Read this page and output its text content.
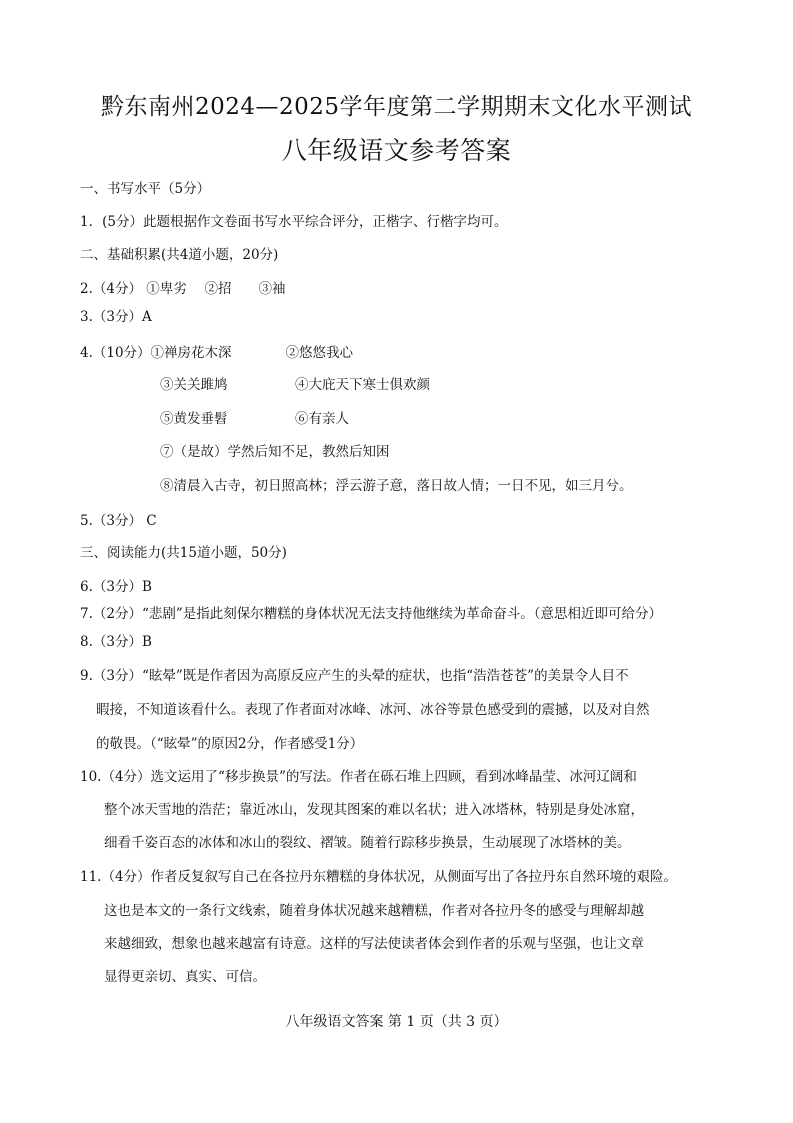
黔东南州2024—2025学年度第二学期期末文化水平测试
八年级语文参考答案
一、书写水平（5分）
1．(5分）此题根据作文卷面书写水平综合评分，正楷字、行楷字均可。
二、基础积累(共4道小题，20分)
2.（4分） ①卑劣　 ②招　　③袖
3.（3分）A
4.（10分）①禅房花木深　　　　②悠悠我心
③关关雎鸠　　　　　④大庇天下寒士俱欢颜
⑤黄发垂髫　　　　　⑥有亲人
⑦（是故）学然后知不足，教然后知困
⑧清晨入古寺，初日照高林；浮云游子意，落日故人情；一日不见，如三月兮。
5.（3分） C
三、阅读能力(共15道小题，50分)
6.（3分）B
7.（2分）“悲剧”是指此刻保尔糟糕的身体状况无法支持他继续为革命奋斗。（意思相近即可给分）
8.（3分）B
9.（3分）“眩晕”既是作者因为高原反应产生的头晕的症状，也指“浩浩苍苍”的美景令人目不
暇接，不知道该看什么。表现了作者面对冰峰、冰河、冰谷等景色感受到的震撼，以及对自然
的敬畏。（“眩晕”的原因2分，作者感受1分）
10.（4分）选文运用了“移步换景”的写法。作者在砾石堆上四顾，看到冰峰晶莹、冰河辽阔和
整个冰天雪地的浩茫；靠近冰山，发现其图案的难以名状；进入冰塔林，特别是身处冰窟，
细看千姿百态的冰体和冰山的裂纹、褶皱。随着行踪移步换景，生动展现了冰塔林的美。
11.（4分）作者反复叙写自己在各拉丹东糟糕的身体状况，从侧面写出了各拉丹东自然环境的艰险。
这也是本文的一条行文线索，随着身体状况越来越糟糕，作者对各拉丹冬的感受与理解却越
来越细致，想象也越来越富有诗意。这样的写法使读者体会到作者的乐观与坚强，也让文章
显得更亲切、真实、可信。
八年级语文答案 第 1 页（共 3 页）
